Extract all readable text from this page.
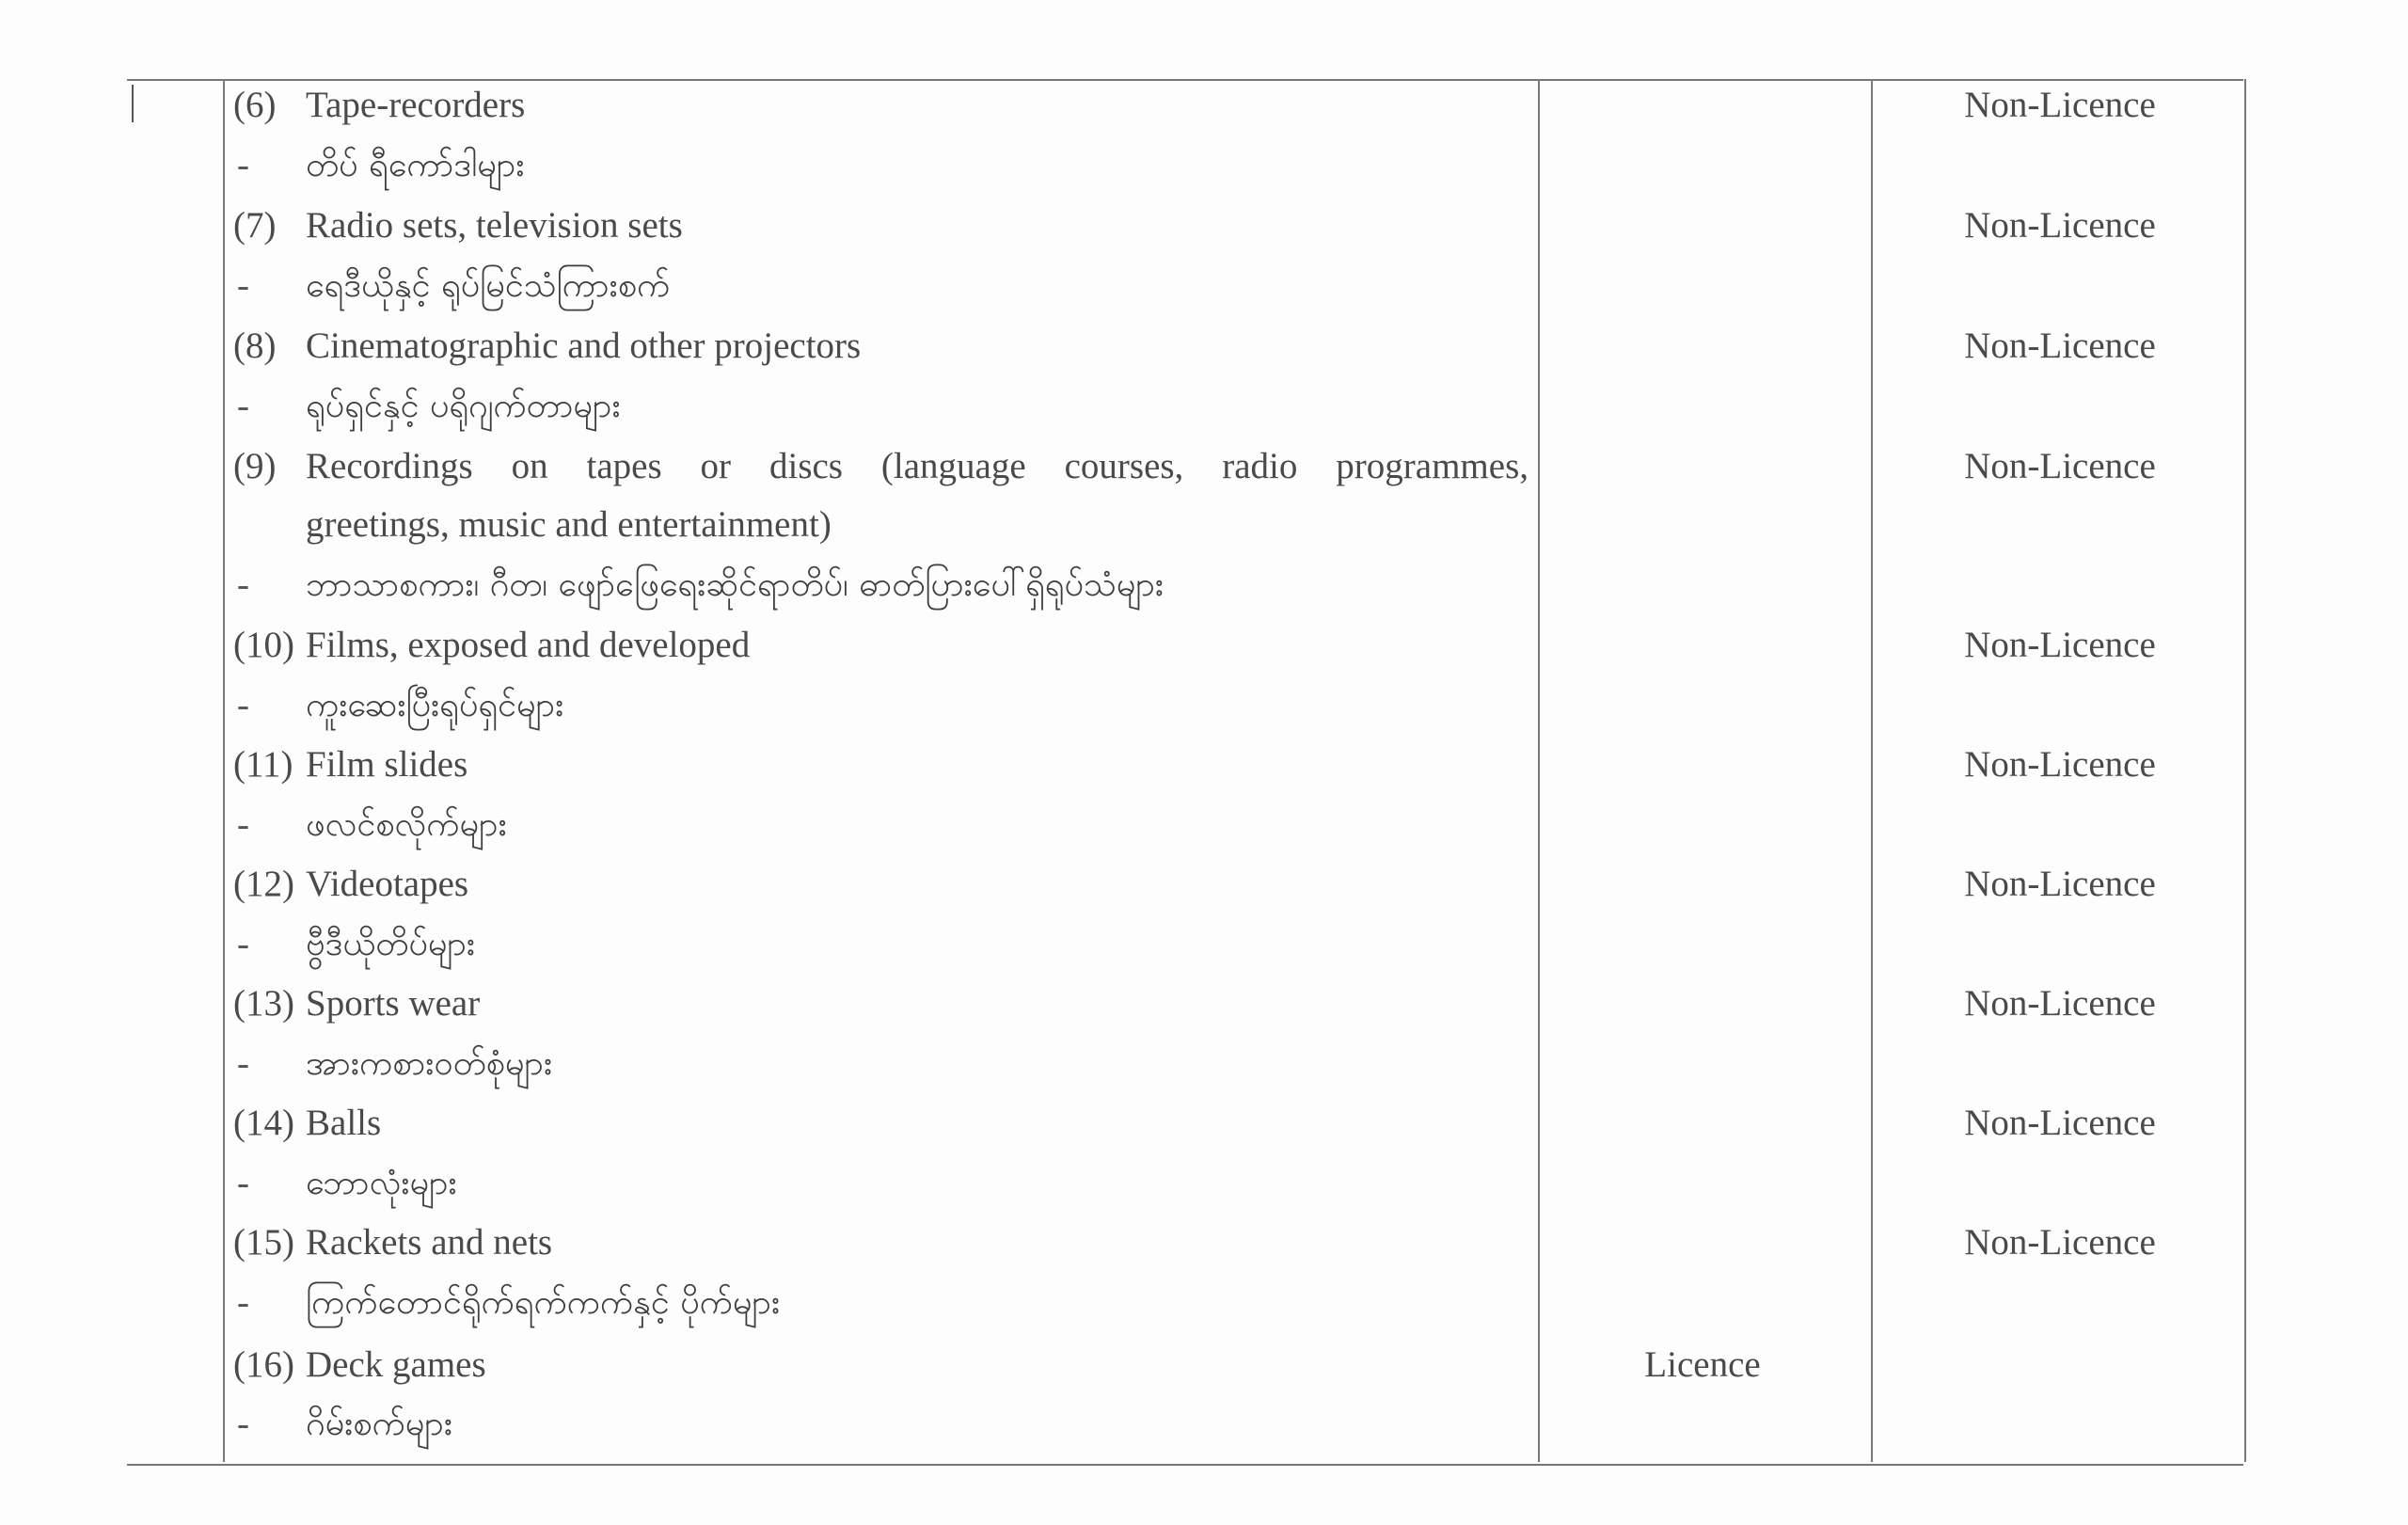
(6) Tape-recorders	Non-Licence
- တိပ် ရီကော်ဒါများ
(7) Radio sets, television sets	Non-Licence
- ရေဒီယိုနှင့် ရုပ်မြင်သံကြားစက်
(8) Cinematographic and other projectors	Non-Licence
- ရုပ်ရှင်နှင့် ပရိုဂျက်တာများ
(9) Recordings on tapes or discs (language courses, radio programmes,	Non-Licence
greetings, music and entertainment)
- ဘာသာစကား၊ ဂီတ၊ ဖျော်ဖြေရေးဆိုင်ရာတိပ်၊ ဓာတ်ပြားပေါ်ရှိရုပ်သံများ
(10) Films, exposed and developed	Non-Licence
- ကူးဆေးပြီးရုပ်ရှင်များ
(11) Film slides	Non-Licence
- ဖလင်စလိုက်များ
(12) Videotapes	Non-Licence
- ဗွီဒီယိုတိပ်များ
(13) Sports wear	Non-Licence
- အားကစားဝတ်စုံများ
(14) Balls	Non-Licence
- ဘောလုံးများ
(15) Rackets and nets	Non-Licence
- ကြက်တောင်ရိုက်ရက်ကက်နှင့် ပိုက်များ
(16) Deck games	Licence
- ဂိမ်းစက်များ
